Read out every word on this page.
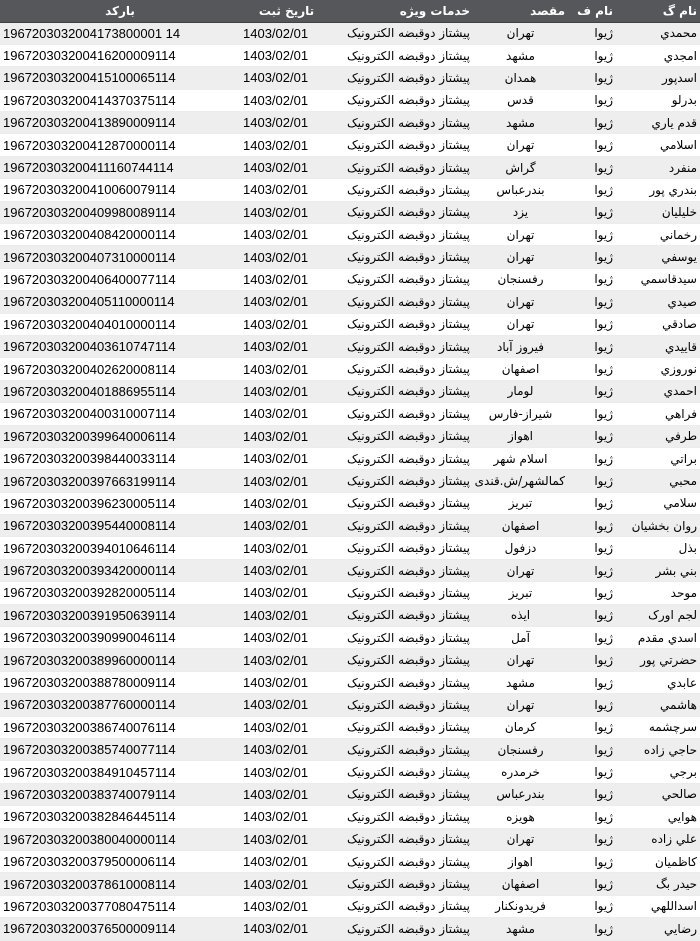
نام گ	نام ف	مقصد	خدمات ويژه	تاريخ ثبت	بارکد
محمدي	ژيوا	تهران	پيشتاز دوقبضه الکترونيک	1403/02/01	1967203032004173800001 14
امجدي	ژيوا	مشهد	پيشتاز دوقبضه الکترونيک	1403/02/01	196720303200416200009114
اسدپور	ژيوا	همدان	پيشتاز دوقبضه الکترونيک	1403/02/01	196720303200415100065114
بدرلو	ژيوا	قدس	پيشتاز دوقبضه الکترونيک	1403/02/01	196720303200414370375114
قدم ياري	ژيوا	مشهد	پيشتاز دوقبضه الکترونيک	1403/02/01	196720303200413890009114
اسلامي	ژيوا	تهران	پيشتاز دوقبضه الکترونيک	1403/02/01	196720303200412870000114
منفرد	ژيوا	گراش	پيشتاز دوقبضه الکترونيک	1403/02/01	196720303200411160744114
بندري پور	ژيوا	بندرعباس	پيشتاز دوقبضه الکترونيک	1403/02/01	196720303200410060079114
خليليان	ژيوا	يزد	پيشتاز دوقبضه الکترونيک	1403/02/01	196720303200409980089114
رخماني	ژيوا	تهران	پيشتاز دوقبضه الکترونيک	1403/02/01	196720303200408420000114
يوسفي	ژيوا	تهران	پيشتاز دوقبضه الکترونيک	1403/02/01	196720303200407310000114
سيدقاسمي	ژيوا	رفسنجان	پيشتاز دوقبضه الکترونيک	1403/02/01	196720303200406400077114
صيدي	ژيوا	تهران	پيشتاز دوقبضه الکترونيک	1403/02/01	196720303200405110000114
صادقي	ژيوا	تهران	پيشتاز دوقبضه الکترونيک	1403/02/01	196720303200404010000114
قاييدي	ژيوا	فيروز آباد	پيشتاز دوقبضه الکترونيک	1403/02/01	196720303200403610747114
نوروزي	ژيوا	اصفهان	پيشتاز دوقبضه الکترونيک	1403/02/01	196720303200402620008114
احمدي	ژيوا	لومار	پيشتاز دوقبضه الکترونيک	1403/02/01	196720303200401886955114
فراهي	ژيوا	شيراز-فارس	پيشتاز دوقبضه الکترونيک	1403/02/01	196720303200400310007114
طرفي	ژيوا	اهواز	پيشتاز دوقبضه الکترونيک	1403/02/01	196720303200399640006114
براتي	ژيوا	اسلام شهر	پيشتاز دوقبضه الکترونيک	1403/02/01	196720303200398440033114
محبي	ژيوا	کمالشهر/ش.قندی	پيشتاز دوقبضه الکترونيک	1403/02/01	196720303200397663199114
سلامي	ژيوا	تبريز	پيشتاز دوقبضه الکترونيک	1403/02/01	196720303200396230005114
روان بخشيان	ژيوا	اصفهان	پيشتاز دوقبضه الکترونيک	1403/02/01	196720303200395440008114
بذل	ژيوا	دزفول	پيشتاز دوقبضه الکترونيک	1403/02/01	196720303200394010646114
بني بشر	ژيوا	تهران	پيشتاز دوقبضه الکترونيک	1403/02/01	196720303200393420000114
موحد	ژيوا	تبريز	پيشتاز دوقبضه الکترونيک	1403/02/01	196720303200392820005114
لجم اورک	ژيوا	ايذه	پيشتاز دوقبضه الکترونيک	1403/02/01	196720303200391950639114
اسدي مقدم	ژيوا	آمل	پيشتاز دوقبضه الکترونيک	1403/02/01	196720303200390990046114
حضرتي پور	ژيوا	تهران	پيشتاز دوقبضه الکترونيک	1403/02/01	196720303200389960000114
عابدي	ژيوا	مشهد	پيشتاز دوقبضه الکترونيک	1403/02/01	196720303200388780009114
هاشمي	ژيوا	تهران	پيشتاز دوقبضه الکترونيک	1403/02/01	196720303200387760000114
سرچشمه	ژيوا	کرمان	پيشتاز دوقبضه الکترونيک	1403/02/01	196720303200386740076114
حاجي زاده	ژيوا	رفسنجان	پيشتاز دوقبضه الکترونيک	1403/02/01	196720303200385740077114
برجي	ژيوا	خرمدره	پيشتاز دوقبضه الکترونيک	1403/02/01	196720303200384910457114
صالحي	ژيوا	بندرعباس	پيشتاز دوقبضه الکترونيک	1403/02/01	196720303200383740079114
هوايي	ژيوا	هويزه	پيشتاز دوقبضه الکترونيک	1403/02/01	196720303200382846445114
علي زاده	ژيوا	تهران	پيشتاز دوقبضه الکترونيک	1403/02/01	196720303200380040000114
کاظميان	ژيوا	اهواز	پيشتاز دوقبضه الکترونيک	1403/02/01	196720303200379500006114
حيدر بگ	ژيوا	اصفهان	پيشتاز دوقبضه الکترونيک	1403/02/01	196720303200378610008114
اسداللهي	ژيوا	فريدونکنار	پيشتاز دوقبضه الکترونيک	1403/02/01	196720303200377080475114
رضايي	ژيوا	مشهد	پيشتاز دوقبضه الکترونيک	1403/02/01	196720303200376500009114
